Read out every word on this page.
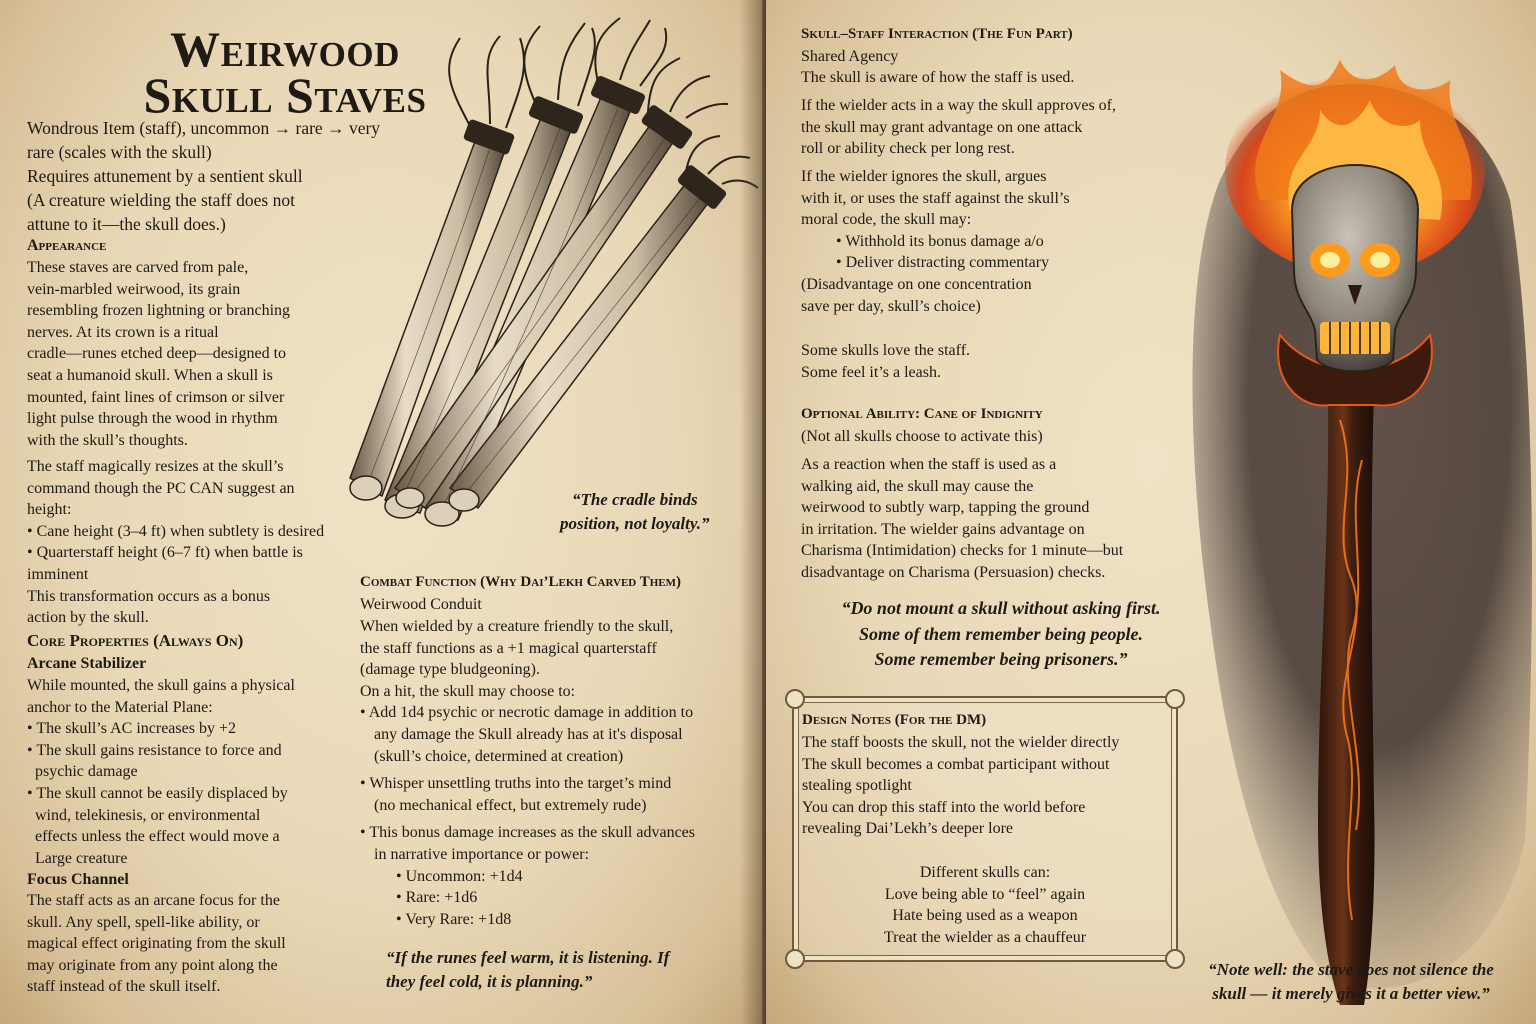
Weirwood
Skull Staves

Wondrous Item (staff), uncommon → rare → very

rare (scales with the skull)

Requires attunement by a sentient skull

(A creature wielding the staff does not

attune to it—the skull does.)

Appearance

These staves are carved from pale,

vein-marbled weirwood, its grain

resembling frozen lightning or branching

nerves. At its crown is a ritual

cradle—runes etched deep—designed to

seat a humanoid skull. When a skull is

mounted, faint lines of crimson or silver

light pulse through the wood in rhythm

with the skull’s thoughts.

The staff magically resizes at the skull’s

command though the PC CAN suggest an

height:

• Cane height (3–4 ft) when subtlety is desired

• Quarterstaff height (6–7 ft) when battle is

imminent

This transformation occurs as a bonus

action by the skull.

Core Properties (Always On)

Arcane Stabilizer

While mounted, the skull gains a physical

anchor to the Material Plane:

• The skull’s AC increases by +2

• The skull gains resistance to force and

psychic damage

• The skull cannot be easily displaced by

wind, telekinesis, or environmental

effects unless the effect would move a

Large creature

Focus Channel

The staff acts as an arcane focus for the

skull. Any spell, spell-like ability, or

magical effect originating from the skull

may originate from any point along the

staff instead of the skull itself.

“The cradle binds

position, not loyalty.”

Combat Function (Why Dai’Lekh Carved Them)

Weirwood Conduit

When wielded by a creature friendly to the skull,

the staff functions as a +1 magical quarterstaff

(damage type bludgeoning).

On a hit, the skull may choose to:

• Add 1d4 psychic or necrotic damage in addition to

any damage the Skull already has at it's disposal

(skull’s choice, determined at creation)

• Whisper unsettling truths into the target’s mind

(no mechanical effect, but extremely rude)

• This bonus damage increases as the skull advances

in narrative importance or power:

• Uncommon: +1d4

• Rare: +1d6

• Very Rare: +1d8

“If the runes feel warm, it is listening. If

they feel cold, it is planning.”

Skull–Staff Interaction (The Fun Part)

Shared Agency

The skull is aware of how the staff is used.

If the wielder acts in a way the skull approves of,

the skull may grant advantage on one attack

roll or ability check per long rest.

If the wielder ignores the skull, argues

with it, or uses the staff against the skull’s

moral code, the skull may:

• Withhold its bonus damage a/o

• Deliver distracting commentary

(Disadvantage on one concentration

save per day, skull’s choice)

Some skulls love the staff.

Some feel it’s a leash.

Optional Ability: Cane of Indignity

(Not all skulls choose to activate this)

As a reaction when the staff is used as a

walking aid, the skull may cause the

weirwood to subtly warp, tapping the ground

in irritation. The wielder gains advantage on

Charisma (Intimidation) checks for 1 minute—but

disadvantage on Charisma (Persuasion) checks.

“Do not mount a skull without asking first.

Some of them remember being people.

Some remember being prisoners.”

“Note well: the stave does not silence the

skull — it merely gives it a better view.”

Design Notes (For the DM)

The staff boosts the skull, not the wielder directly

The skull becomes a combat participant without

stealing spotlight

You can drop this staff into the world before

revealing Dai’Lekh’s deeper lore

Different skulls can:

Love being able to “feel” again

Hate being used as a weapon

Treat the wielder as a chauffeur
